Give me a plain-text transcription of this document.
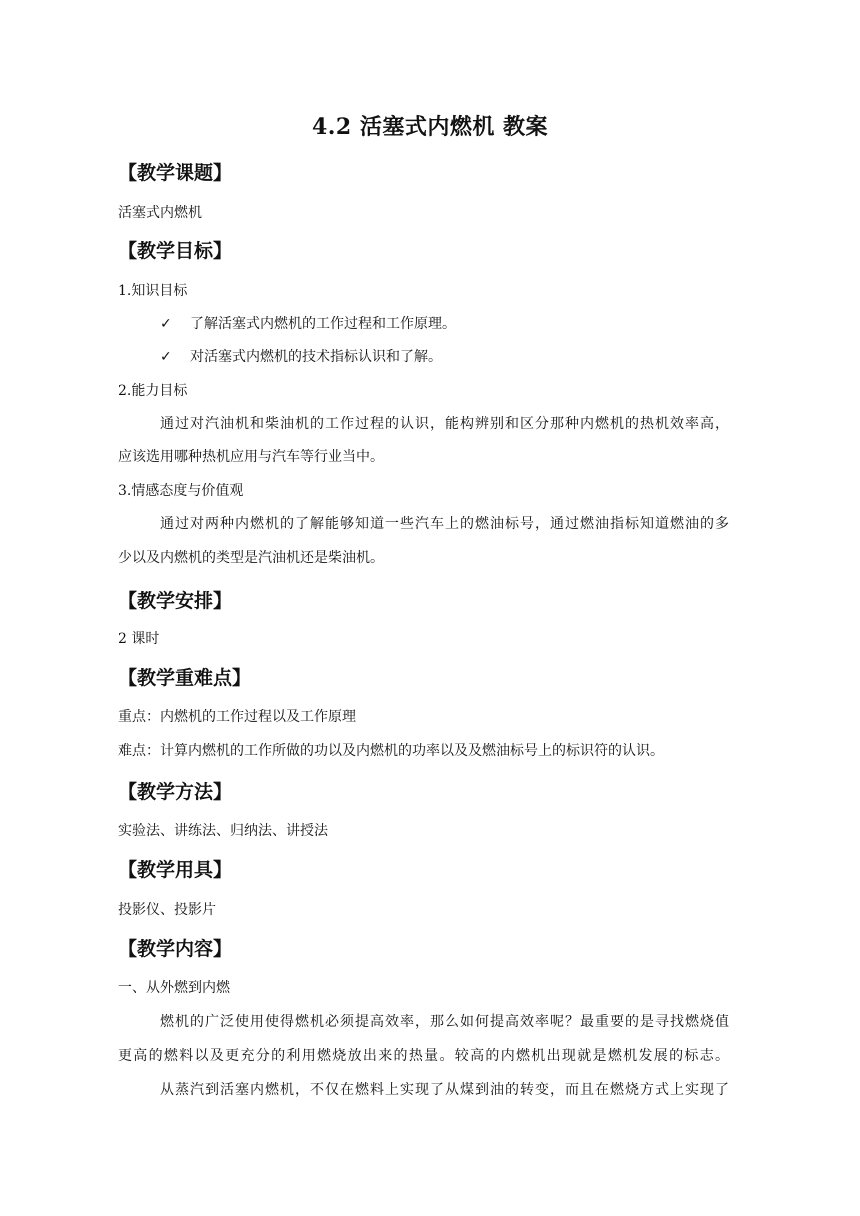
4.2 活塞式内燃机 教案
【教学课题】
活塞式内燃机
【教学目标】
1.知识目标
✓ 了解活塞式内燃机的工作过程和工作原理。
✓ 对活塞式内燃机的技术指标认识和了解。
2.能力目标
通过对汽油机和柴油机的工作过程的认识，能构辨别和区分那种内燃机的热机效率高，
应该选用哪种热机应用与汽车等行业当中。
3.情感态度与价值观
通过对两种内燃机的了解能够知道一些汽车上的燃油标号，通过燃油指标知道燃油的多
少以及内燃机的类型是汽油机还是柴油机。
【教学安排】
2 课时
【教学重难点】
重点：内燃机的工作过程以及工作原理
难点：计算内燃机的工作所做的功以及内燃机的功率以及及燃油标号上的标识符的认识。
【教学方法】
实验法、讲练法、归纳法、讲授法
【教学用具】
投影仪、投影片
【教学内容】
一、从外燃到内燃
燃机的广泛使用使得燃机必须提高效率，那么如何提高效率呢？最重要的是寻找燃烧值
更高的燃料以及更充分的利用燃烧放出来的热量。较高的内燃机出现就是燃机发展的标志。
从蒸汽到活塞内燃机，不仅在燃料上实现了从煤到油的转变，而且在燃烧方式上实现了
